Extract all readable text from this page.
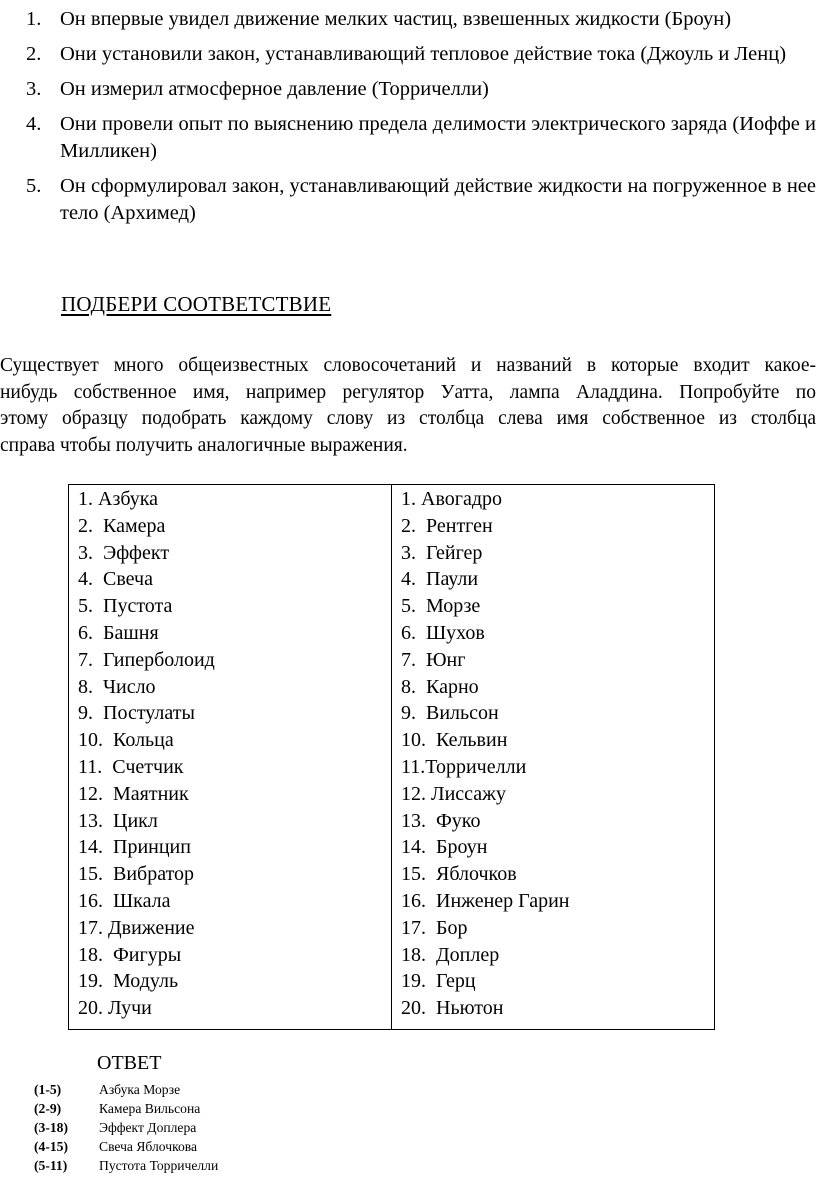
1. Он впервые увидел движение мелких частиц, взвешенных жидкости (Броун)
2. Они установили закон, устанавливающий тепловое действие тока (Джоуль и Ленц)
3. Он измерил атмосферное давление (Торричелли)
4. Они провели опыт по выяснению предела делимости электрического заряда (Иоффе и Милликен)
5. Он сформулировал закон, устанавливающий действие жидкости на погруженное в нее тело (Архимед)
ПОДБЕРИ СООТВЕТСТВИЕ
Существует много общеизвестных словосочетаний и названий в которые входит какое-
нибудь собственное имя, например регулятор Уатта, лампа Аладдина. Попробуйте по
этому образцу подобрать каждому слову из столбца слева имя собственное из столбца
справа чтобы получить аналогичные выражения.
1. Азбука
2.  Камера
3.  Эффект
4.  Свеча
5.  Пустота
6.  Башня
7.  Гиперболоид
8.  Число
9.  Постулаты
10.  Кольца
11.  Счетчик
12.  Маятник
13.  Цикл
14.  Принцип
15.  Вибратор
16.  Шкала
17. Движение
18.  Фигуры
19.  Модуль
20. Лучи

1. Авогадро
2.  Рентген
3.  Гейгер
4.  Паули
5.  Морзе
6.  Шухов
7.  Юнг
8.  Карно
9.  Вильсон
10.  Кельвин
11.Торричелли
12. Лиссажу
13.  Фуко
14.  Броун
15.  Яблочков
16.  Инженер Гарин
17.  Бор
18.  Доплер
19.  Герц
20.  Ньютон
ОТВЕТ
(1-5)	Азбука Морзе
(2-9)	Камера Вильсона
(3-18)	Эффект Доплера
(4-15)	Свеча Яблочкова
(5-11)	Пустота Торричелли
